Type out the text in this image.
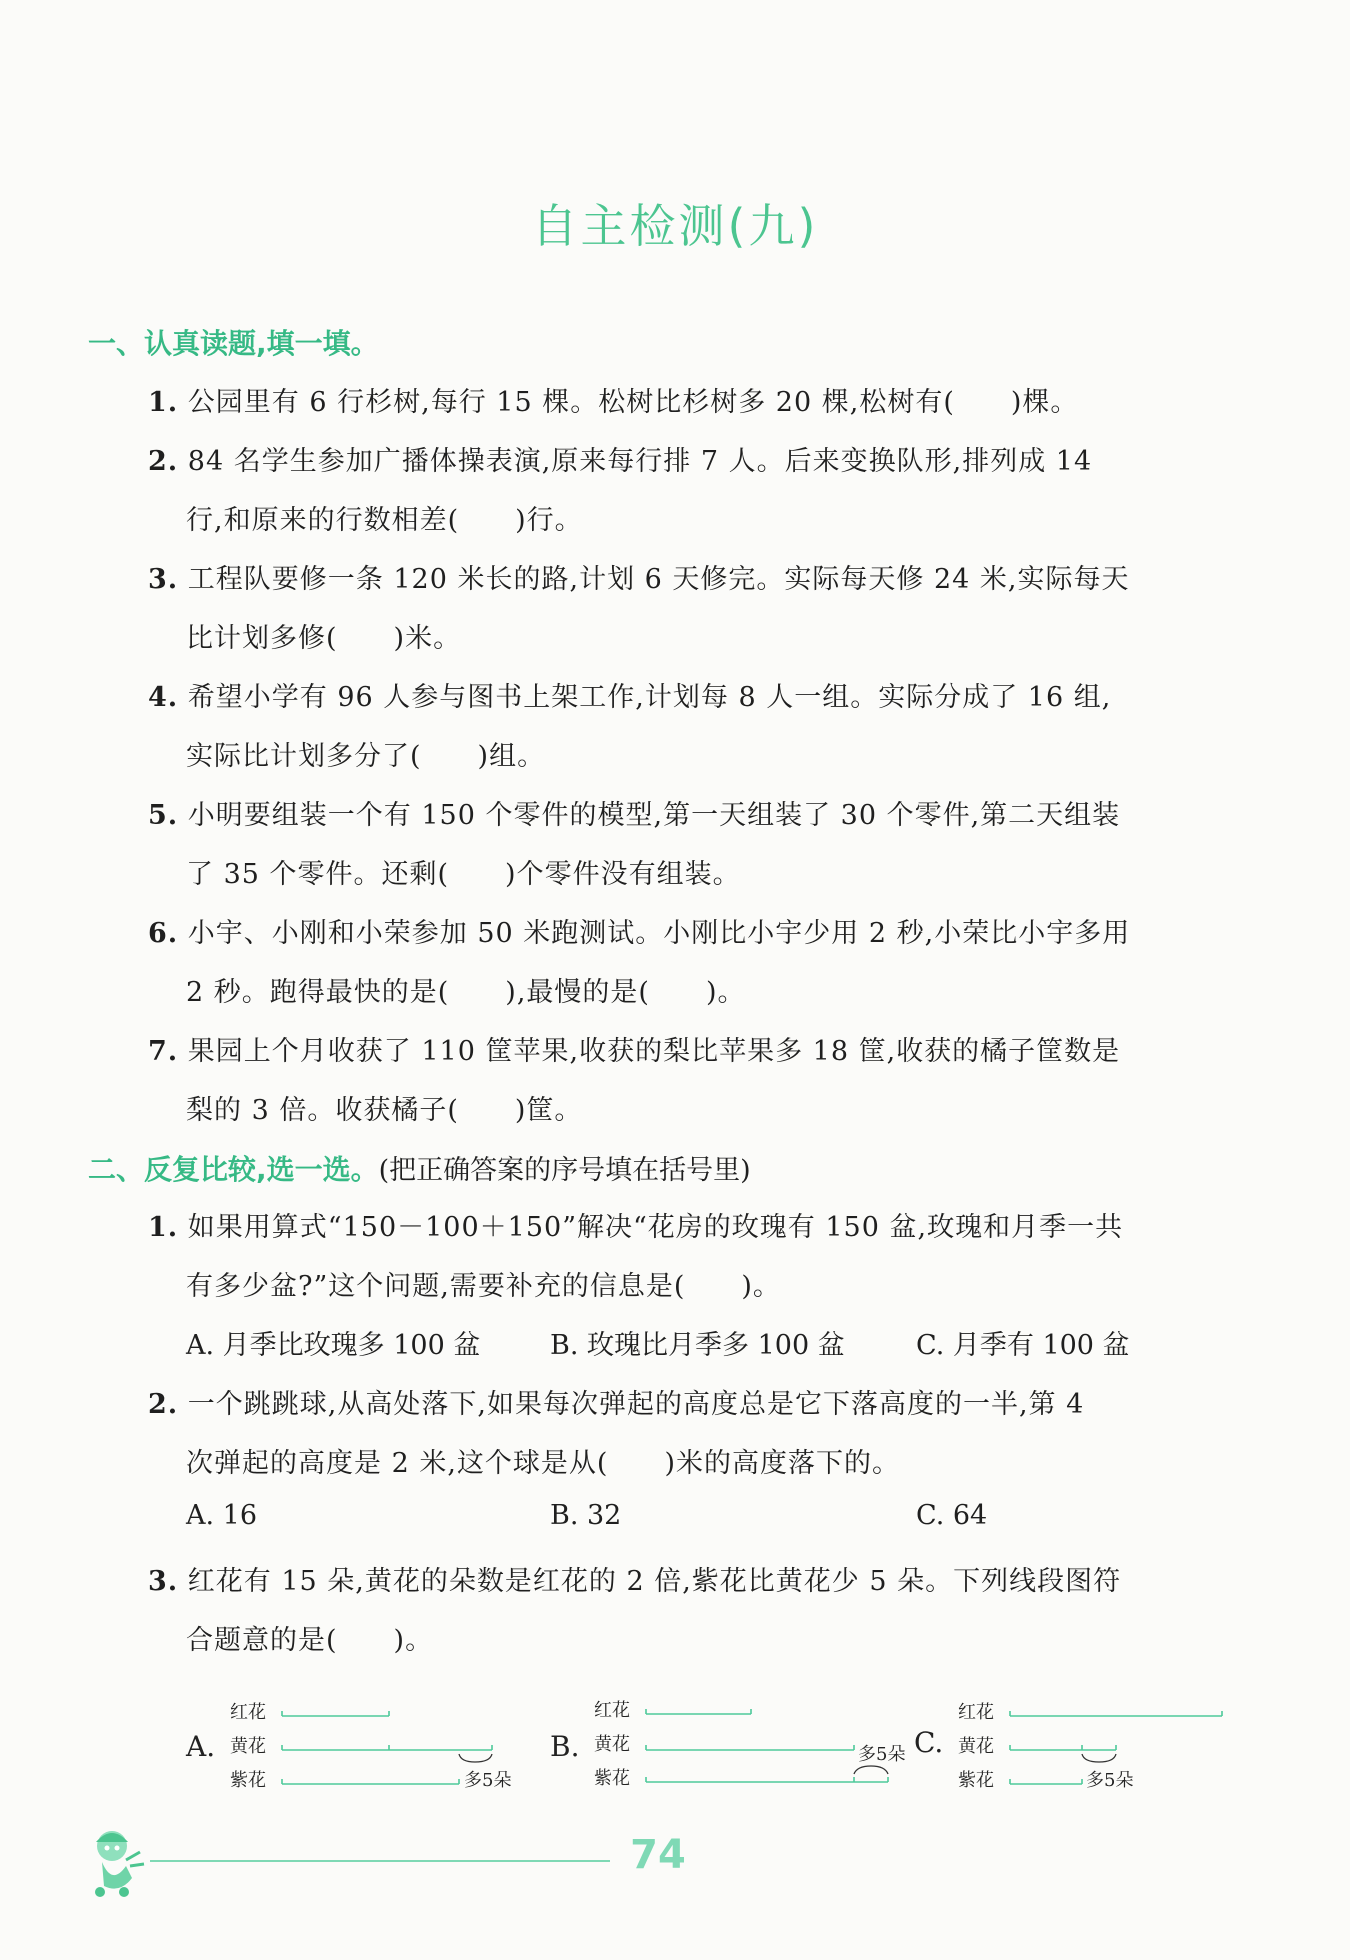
自主检测(九)
一、认真读题,填一填。
1. 公园里有 6 行杉树,每行 15 棵。松树比杉树多 20 棵,松树有(　　)棵。
2. 84 名学生参加广播体操表演,原来每行排 7 人。后来变换队形,排列成 14
行,和原来的行数相差(　　)行。
3. 工程队要修一条 120 米长的路,计划 6 天修完。实际每天修 24 米,实际每天
比计划多修(　　)米。
4. 希望小学有 96 人参与图书上架工作,计划每 8 人一组。实际分成了 16 组,
实际比计划多分了(　　)组。
5. 小明要组装一个有 150 个零件的模型,第一天组装了 30 个零件,第二天组装
了 35 个零件。还剩(　　)个零件没有组装。
6. 小宇、小刚和小荣参加 50 米跑测试。小刚比小宇少用 2 秒,小荣比小宇多用
2 秒。跑得最快的是(　　),最慢的是(　　)。
7. 果园上个月收获了 110 筐苹果,收获的梨比苹果多 18 筐,收获的橘子筐数是
梨的 3 倍。收获橘子(　　)筐。
二、反复比较,选一选。(把正确答案的序号填在括号里)
1. 如果用算式“150－100＋150”解决“花房的玫瑰有 150 盆,玫瑰和月季一共
有多少盆?”这个问题,需要补充的信息是(　　)。
A. 月季比玫瑰多 100 盆	B. 玫瑰比月季多 100 盆	C. 月季有 100 盆
2. 一个跳跳球,从高处落下,如果每次弹起的高度总是它下落高度的一半,第 4
次弹起的高度是 2 米,这个球是从(　　)米的高度落下的。
A. 16	B. 32	C. 64
3. 红花有 15 朵,黄花的朵数是红花的 2 倍,紫花比黄花少 5 朵。下列线段图符
合题意的是(　　)。
A.
红花
黄花
紫花	多5朵
B.
红花
黄花
紫花
多5朵 C.
红花
黄花
紫花	多5朵
74
